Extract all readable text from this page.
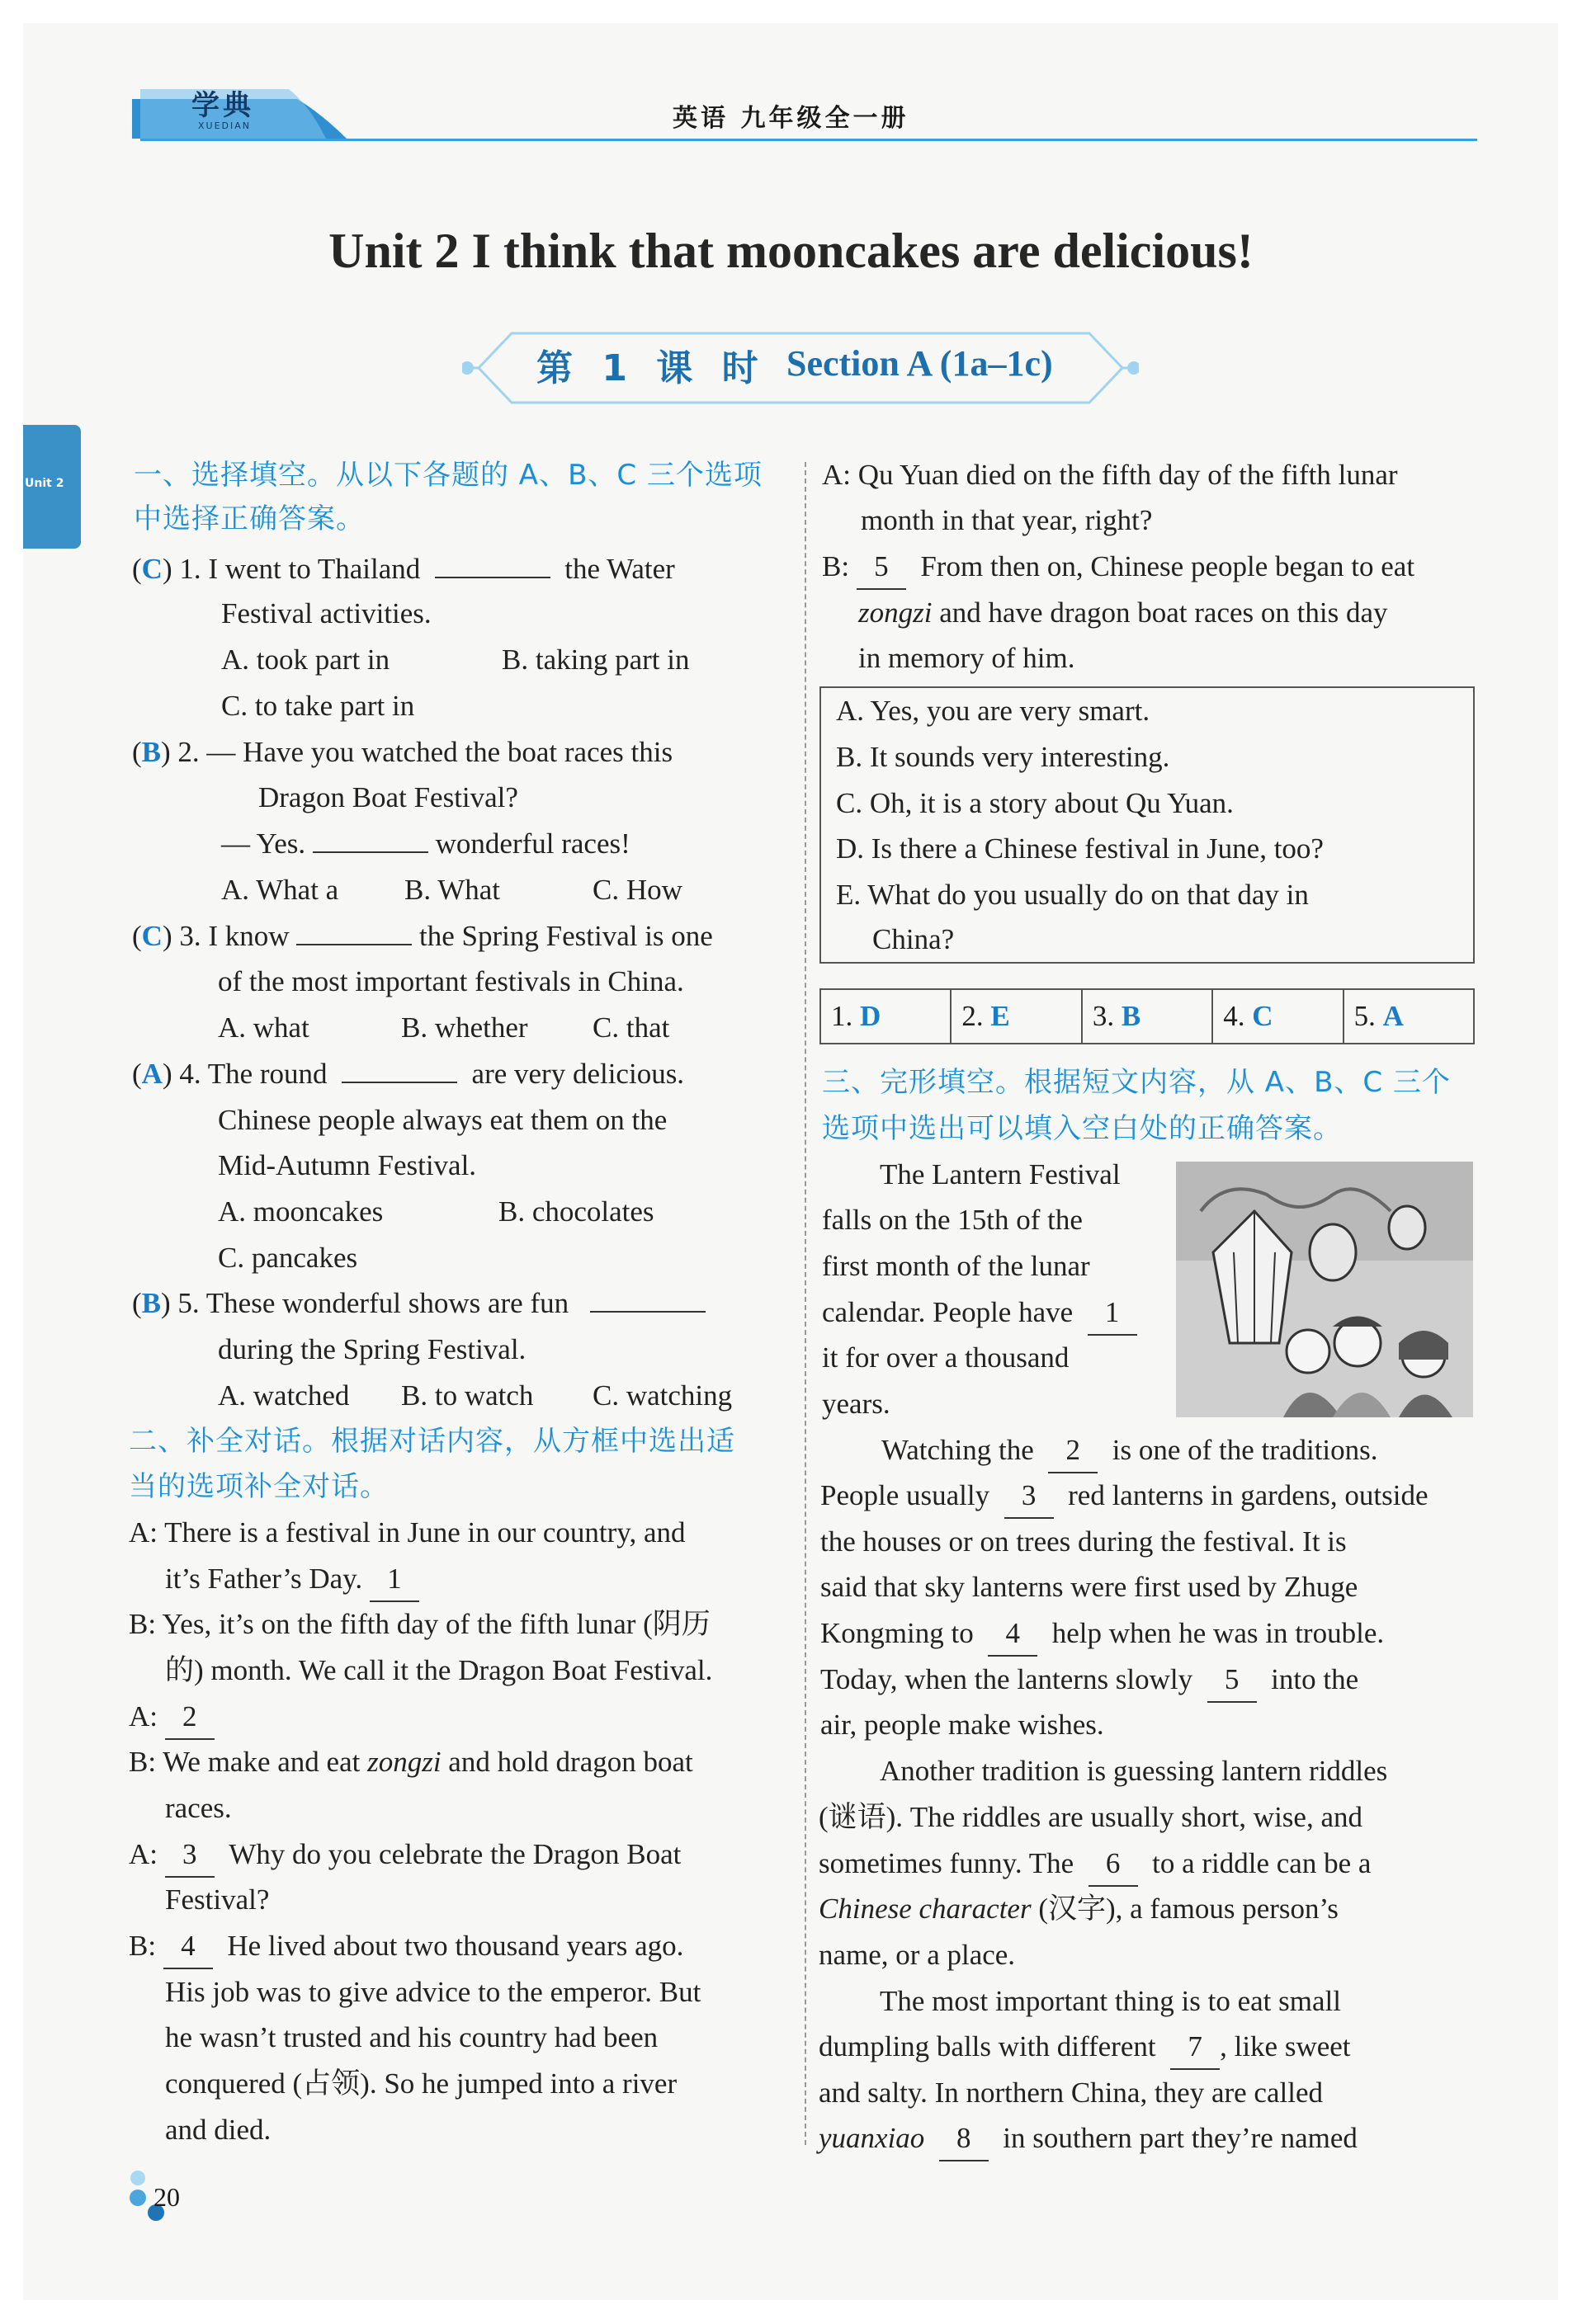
学典
XUEDIAN	英语 九年级全一册
Unit 2
Unit 2 I think that mooncakes are delicious!
第 1 课 时 Section A (1a–1c)
一、选择填空。从以下各题的 A、B、C 三个选项
中选择正确答案。
(C) 1. I went to Thailand	the Water
Festival activities.
A. took part in	B. taking part in
C. to take part in
(B) 2. — Have you watched the boat races this
Dragon Boat Festival?
— Yes.	wonderful races!
A. What a B. What	C. How
(C) 3. I know	the Spring Festival is one
of the most important festivals in China.
A. what	B. whether C. that
(A) 4. The round	are very delicious.
Chinese people always eat them on the
Mid-Autumn Festival.
A. mooncakes	B. chocolates
C. pancakes
(B) 5. These wonderful shows are fun
during the Spring Festival.
A. watched B. to watch C. watching
二、补全对话。根据对话内容，从方框中选出适
当的选项补全对话。
A: There is a festival in June in our country, and
it’s Father’s Day. 1
B: Yes, it’s on the fifth day of the fifth lunar (阴历
的) month. We call it the Dragon Boat Festival.
A: 2
B: We make and eat zongzi and hold dragon boat
races.
A: 3 Why do you celebrate the Dragon Boat
Festival?
B: 4 He lived about two thousand years ago.
His job was to give advice to the emperor. But
he wasn’t trusted and his country had been
conquered (占领). So he jumped into a river
and died.
A: Qu Yuan died on the fifth day of the fifth lunar
month in that year, right?
B: 5 From then on, Chinese people began to eat
zongzi and have dragon boat races on this day
in memory of him.
A. Yes, you are very smart.
B. It sounds very interesting.
C. Oh, it is a story about Qu Yuan.
D. Is there a Chinese festival in June, too?
E. What do you usually do on that day in
China?
1. D	2. E	3. B	4. C	5. A
三、完形填空。根据短文内容，从 A、B、C 三个
选项中选出可以填入空白处的正确答案。
The Lantern Festival
falls on the 15th of the
first month of the lunar
calendar. People have 1
it for over a thousand
years.
Watching the 2 is one of the traditions.
People usually 3 red lanterns in gardens, outside
the houses or on trees during the festival. It is
said that sky lanterns were first used by Zhuge
Kongming to 4 help when he was in trouble.
Today, when the lanterns slowly 5 into the
air, people make wishes.
Another tradition is guessing lantern riddles
(谜语). The riddles are usually short, wise, and
sometimes funny. The 6 to a riddle can be a
Chinese character (汉字), a famous person’s
name, or a place.
The most important thing is to eat small
dumpling balls with different 7 , like sweet
and salty. In northern China, they are called
yuanxiao 8 in southern part they’re named
20
